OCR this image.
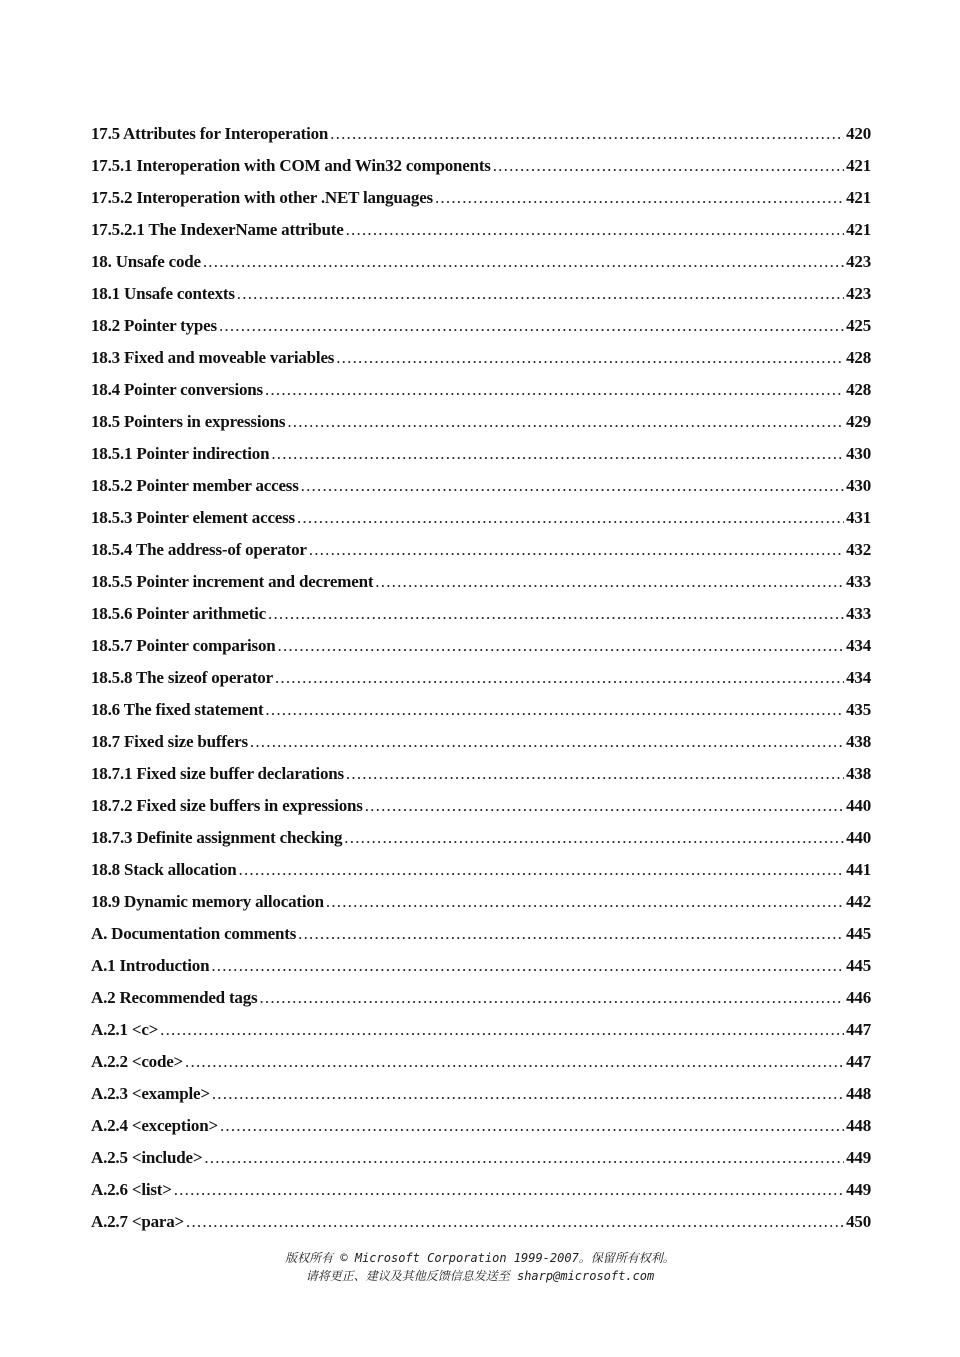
17.5 Attributes for Interoperation .....	420
17.5.1 Interoperation with COM and Win32 components .....	421
17.5.2 Interoperation with other .NET languages .....	421
17.5.2.1 The IndexerName attribute .....	421
18. Unsafe code .....	423
18.1 Unsafe contexts .....	423
18.2 Pointer types .....	425
18.3 Fixed and moveable variables .....	428
18.4 Pointer conversions .....	428
18.5 Pointers in expressions .....	429
18.5.1 Pointer indirection .....	430
18.5.2 Pointer member access .....	430
18.5.3 Pointer element access .....	431
18.5.4 The address-of operator .....	432
18.5.5 Pointer increment and decrement .....	433
18.5.6 Pointer arithmetic .....	433
18.5.7 Pointer comparison .....	434
18.5.8 The sizeof operator .....	434
18.6 The fixed statement .....	435
18.7 Fixed size buffers .....	438
18.7.1 Fixed size buffer declarations .....	438
18.7.2 Fixed size buffers in expressions .....	440
18.7.3 Definite assignment checking .....	440
18.8 Stack allocation .....	441
18.9 Dynamic memory allocation .....	442
A. Documentation comments .....	445
A.1 Introduction .....	445
A.2 Recommended tags .....	446
A.2.1 <c> .....	447
A.2.2 <code> .....	447
A.2.3 <example> .....	448
A.2.4 <exception> .....	448
A.2.5 <include> .....	449
A.2.6 <list> .....	449
A.2.7 <para> .....	450
版权所有 © Microsoft Corporation 1999-2007。保留所有权利。
请将更正、建议及其他反馈信息发送至 sharp@microsoft.com
